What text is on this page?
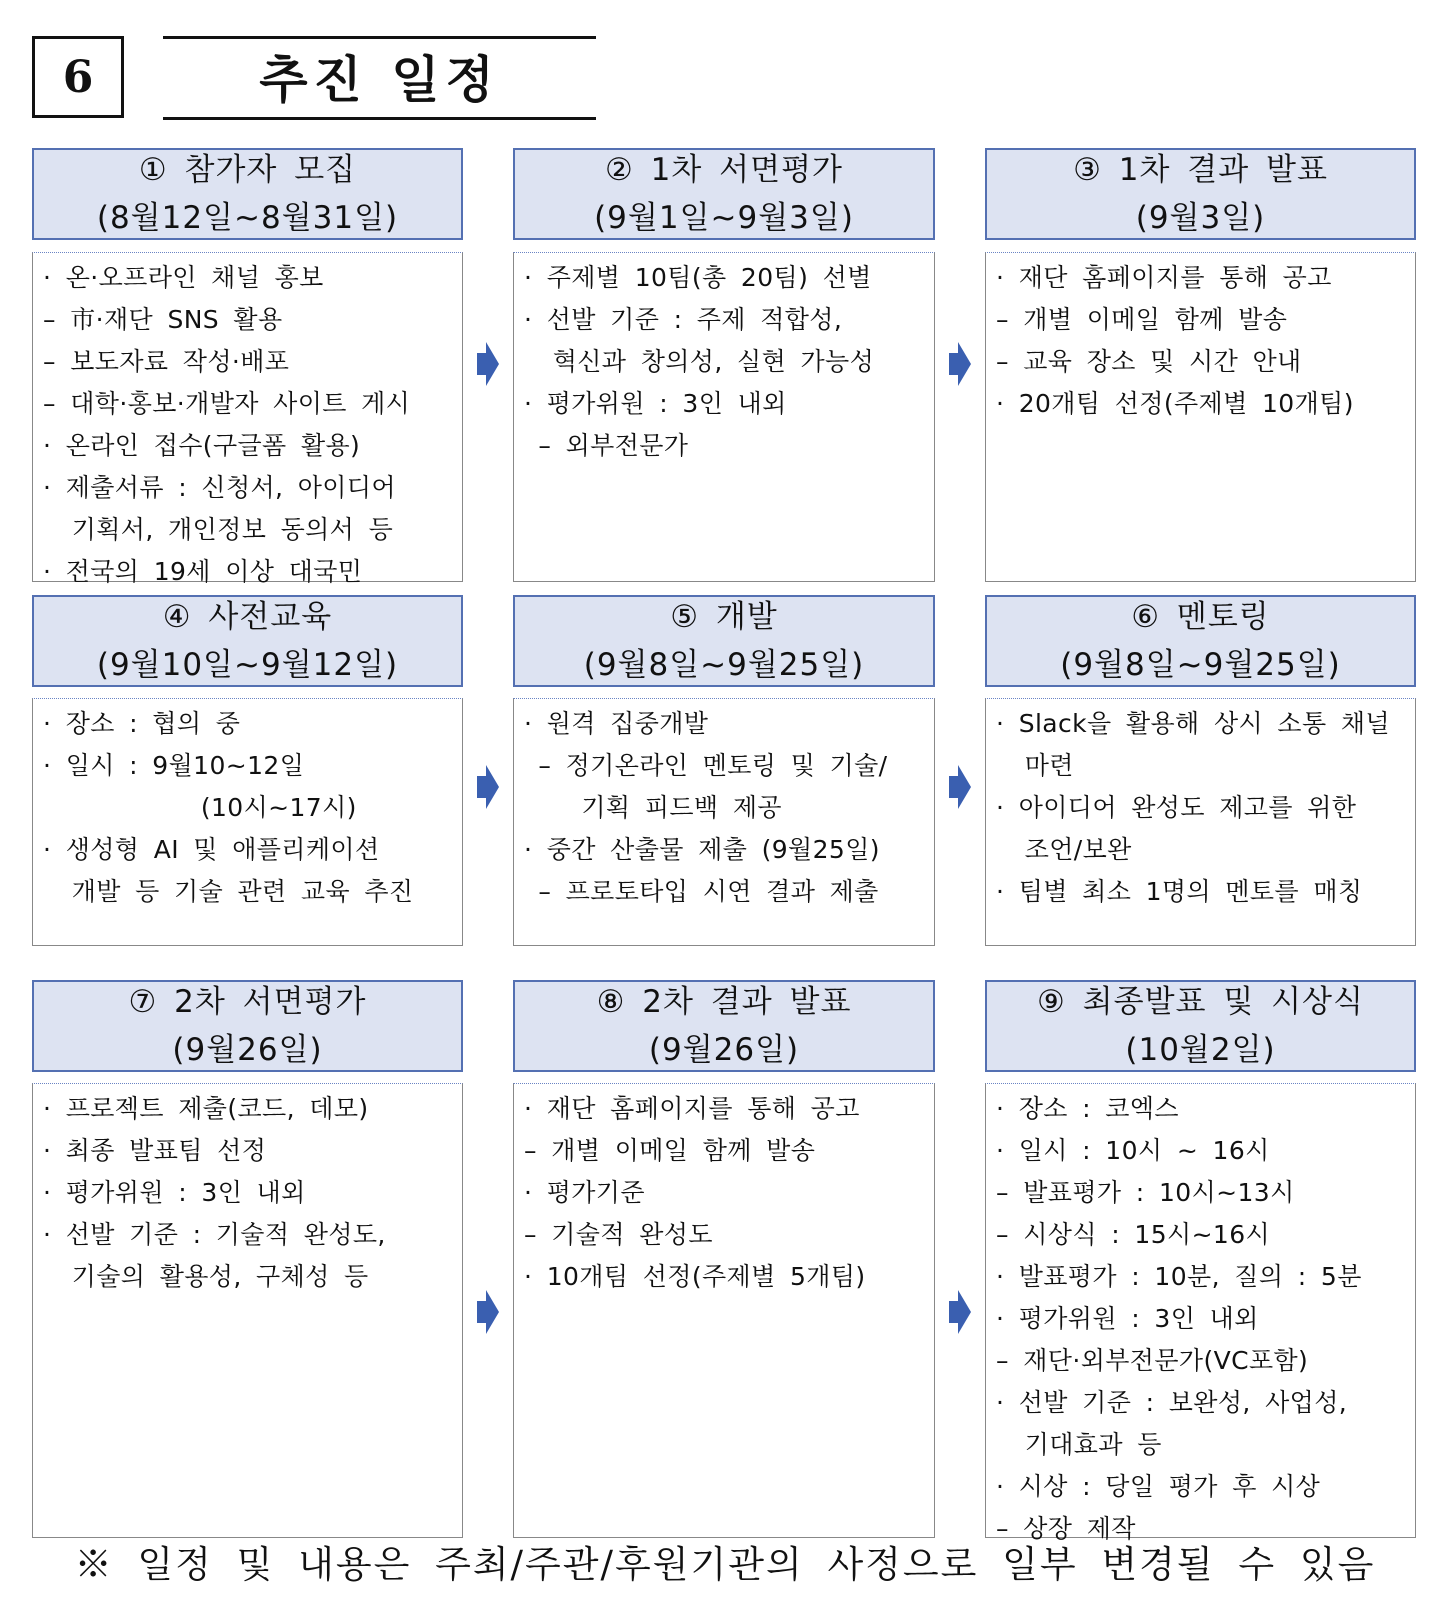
6	추진 일정
① 참가자 모집
(8월12일~8월31일)
· 온·오프라인 채널 홍보
– 市·재단 SNS 활용
– 보도자료 작성·배포
– 대학·홍보·개발자 사이트 게시
· 온라인 접수(구글폼 활용)
· 제출서류 : 신청서, 아이디어
기획서, 개인정보 동의서 등
· 전국의 19세 이상 대국민
② 1차 서면평가
(9월1일~9월3일)
· 주제별 10팀(총 20팀) 선별
· 선발 기준 : 주제 적합성,
혁신과 창의성, 실현 가능성
· 평가위원 : 3인 내외
– 외부전문가
③ 1차 결과 발표
(9월3일)
· 재단 홈페이지를 통해 공고
– 개별 이메일 함께 발송
– 교육 장소 및 시간 안내
· 20개팀 선정(주제별 10개팀)
④ 사전교육
(9월10일~9월12일)
· 장소 : 협의 중
· 일시 : 9월10~12일
(10시~17시)
· 생성형 AI 및 애플리케이션
개발 등 기술 관련 교육 추진
⑤ 개발
(9월8일~9월25일)
· 원격 집중개발
– 정기온라인 멘토링 및 기술/
기획 피드백 제공
· 중간 산출물 제출 (9월25일)
– 프로토타입 시연 결과 제출
⑥ 멘토링
(9월8일~9월25일)
· Slack을 활용해 상시 소통 채널
마련
· 아이디어 완성도 제고를 위한
조언/보완
· 팀별 최소 1명의 멘토를 매칭
⑦ 2차 서면평가
(9월26일)
· 프로젝트 제출(코드, 데모)
· 최종 발표팀 선정
· 평가위원 : 3인 내외
· 선발 기준 : 기술적 완성도,
기술의 활용성, 구체성 등
⑧ 2차 결과 발표
(9월26일)
· 재단 홈페이지를 통해 공고
– 개별 이메일 함께 발송
· 평가기준
– 기술적 완성도
· 10개팀 선정(주제별 5개팀)
⑨ 최종발표 및 시상식
(10월2일)
· 장소 : 코엑스
· 일시 : 10시 ~ 16시
– 발표평가 : 10시~13시
– 시상식 : 15시~16시
· 발표평가 : 10분, 질의 : 5분
· 평가위원 : 3인 내외
– 재단·외부전문가(VC포함)
· 선발 기준 : 보완성, 사업성,
기대효과 등
· 시상 : 당일 평가 후 시상
– 상장 제작
※ 일정 및 내용은 주최/주관/후원기관의 사정으로 일부 변경될 수 있음
